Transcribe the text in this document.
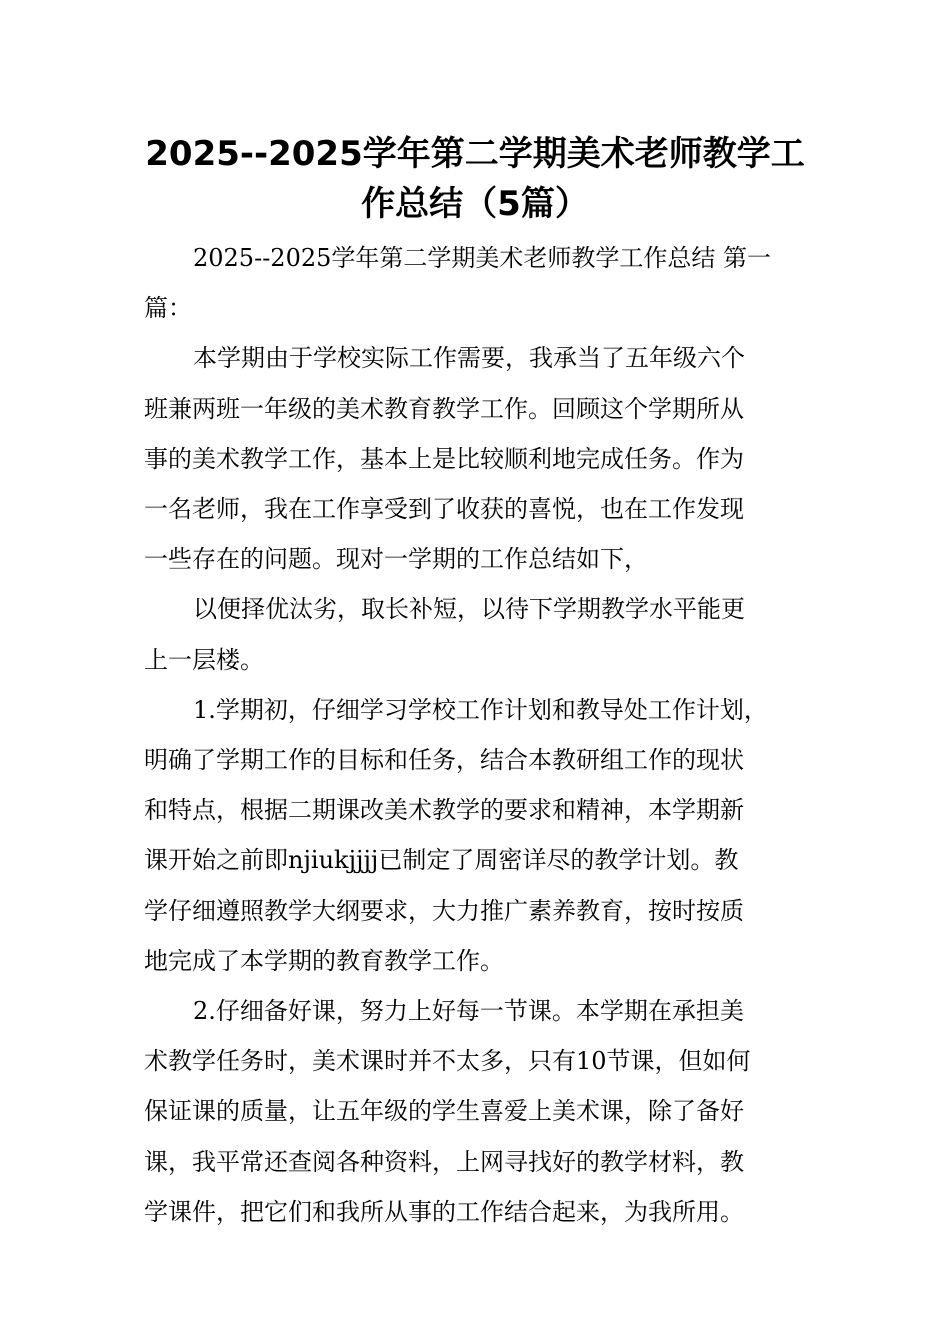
2025--2025学年第二学期美术老师教学工
作总结（5篇）
2025--2025学年第二学期美术老师教学工作总结 第一
篇：
本学期由于学校实际工作需要，我承当了五年级六个
班兼两班一年级的美术教育教学工作。回顾这个学期所从
事的美术教学工作，基本上是比较顺利地完成任务。作为
一名老师，我在工作享受到了收获的喜悦，也在工作发现
一些存在的问题。现对一学期的工作总结如下，
以便择优汰劣，取长补短，以待下学期教学水平能更
上一层楼。
1.学期初，仔细学习学校工作计划和教导处工作计划，
明确了学期工作的目标和任务，结合本教研组工作的现状
和特点，根据二期课改美术教学的要求和精神，本学期新
课开始之前即njiukjjjj已制定了周密详尽的教学计划。教
学仔细遵照教学大纲要求，大力推广素养教育，按时按质
地完成了本学期的教育教学工作。
2.仔细备好课，努力上好每一节课。本学期在承担美
术教学任务时，美术课时并不太多，只有10节课，但如何
保证课的质量，让五年级的学生喜爱上美术课，除了备好
课，我平常还查阅各种资料，上网寻找好的教学材料，教
学课件，把它们和我所从事的工作结合起来，为我所用。
